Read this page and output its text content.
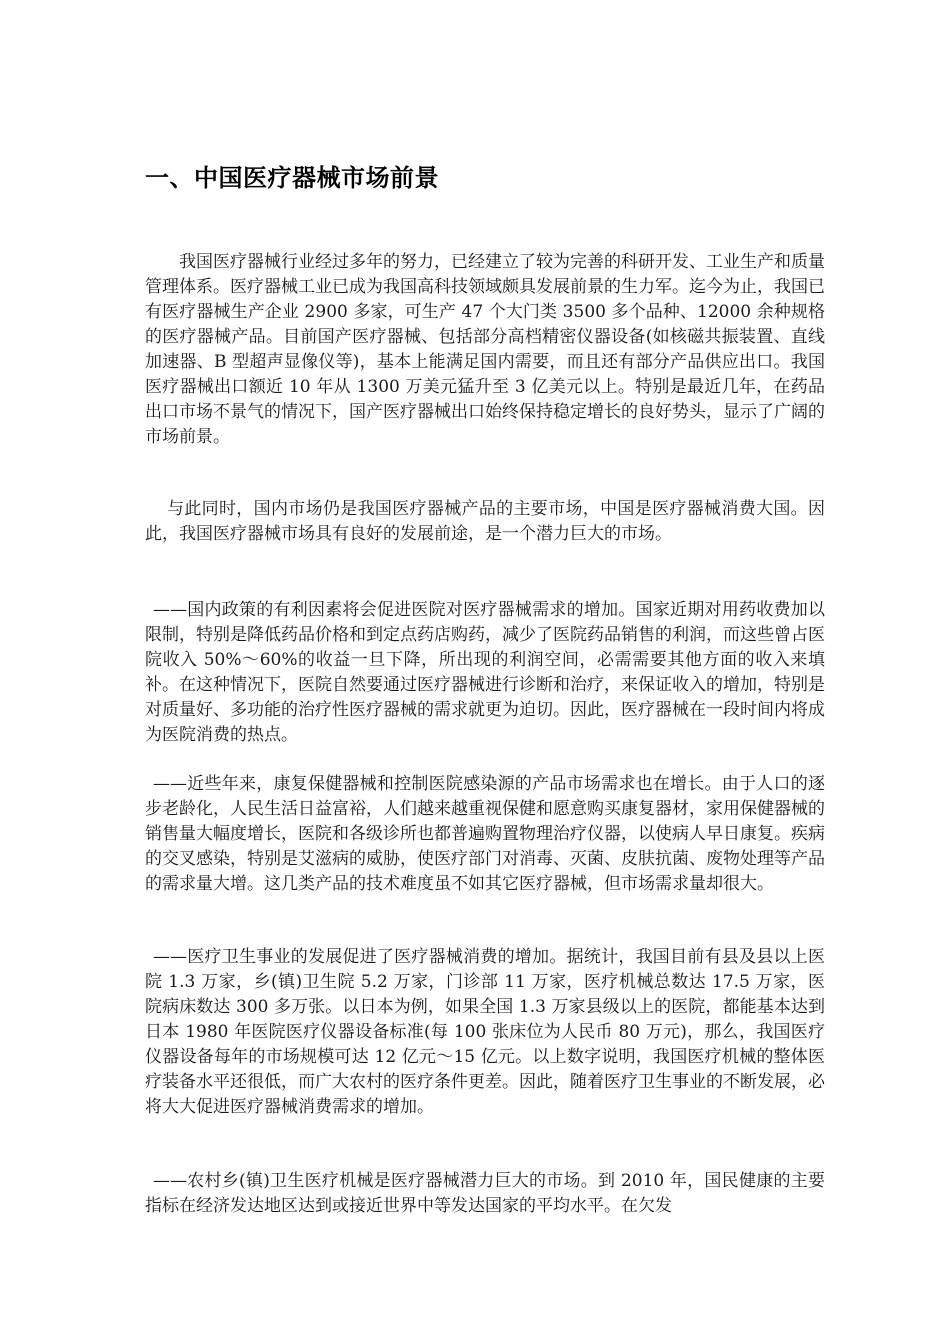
一、中国医疗器械市场前景

我国医疗器械行业经过多年的努力，已经建立了较为完善的科研开发、工业生产和质量管理体系。医疗器械工业已成为我国高科技领域颇具发展前景的生力军。迄今为止，我国已有医疗器械生产企业 2900 多家，可生产 47 个大门类 3500 多个品种、12000 余种规格的医疗器械产品。目前国产医疗器械、包括部分高档精密仪器设备(如核磁共振装置、直线加速器、B 型超声显像仪等)，基本上能满足国内需要，而且还有部分产品供应出口。我国医疗器械出口额近 10 年从 1300 万美元猛升至 3 亿美元以上。特别是最近几年，在药品出口市场不景气的情况下，国产医疗器械出口始终保持稳定增长的良好势头，显示了广阔的市场前景。

与此同时，国内市场仍是我国医疗器械产品的主要市场，中国是医疗器械消费大国。因此，我国医疗器械市场具有良好的发展前途，是一个潜力巨大的市场。

——国内政策的有利因素将会促进医院对医疗器械需求的增加。国家近期对用药收费加以限制，特别是降低药品价格和到定点药店购药，减少了医院药品销售的利润，而这些曾占医院收入 50%～60%的收益一旦下降，所出现的利润空间，必需需要其他方面的收入来填补。在这种情况下，医院自然要通过医疗器械进行诊断和治疗，来保证收入的增加，特别是对质量好、多功能的治疗性医疗器械的需求就更为迫切。因此，医疗器械在一段时间内将成为医院消费的热点。

——近些年来，康复保健器械和控制医院感染源的产品市场需求也在增长。由于人口的逐步老龄化，人民生活日益富裕，人们越来越重视保健和愿意购买康复器材，家用保健器械的销售量大幅度增长，医院和各级诊所也都普遍购置物理治疗仪器，以使病人早日康复。疾病的交叉感染，特别是艾滋病的威胁，使医疗部门对消毒、灭菌、皮肤抗菌、废物处理等产品的需求量大增。这几类产品的技术难度虽不如其它医疗器械，但市场需求量却很大。

——医疗卫生事业的发展促进了医疗器械消费的增加。据统计，我国目前有县及县以上医院 1.3 万家，乡(镇)卫生院 5.2 万家，门诊部 11 万家，医疗机械总数达 17.5 万家，医院病床数达 300 多万张。以日本为例，如果全国 1.3 万家县级以上的医院，都能基本达到日本 1980 年医院医疗仪器设备标准(每 100 张床位为人民币 80 万元)，那么，我国医疗仪器设备每年的市场规模可达 12 亿元～15 亿元。以上数字说明，我国医疗机械的整体医疗装备水平还很低，而广大农村的医疗条件更差。因此，随着医疗卫生事业的不断发展，必将大大促进医疗器械消费需求的增加。

——农村乡(镇)卫生医疗机械是医疗器械潜力巨大的市场。到 2010 年，国民健康的主要指标在经济发达地区达到或接近世界中等发达国家的平均水平。在欠发
